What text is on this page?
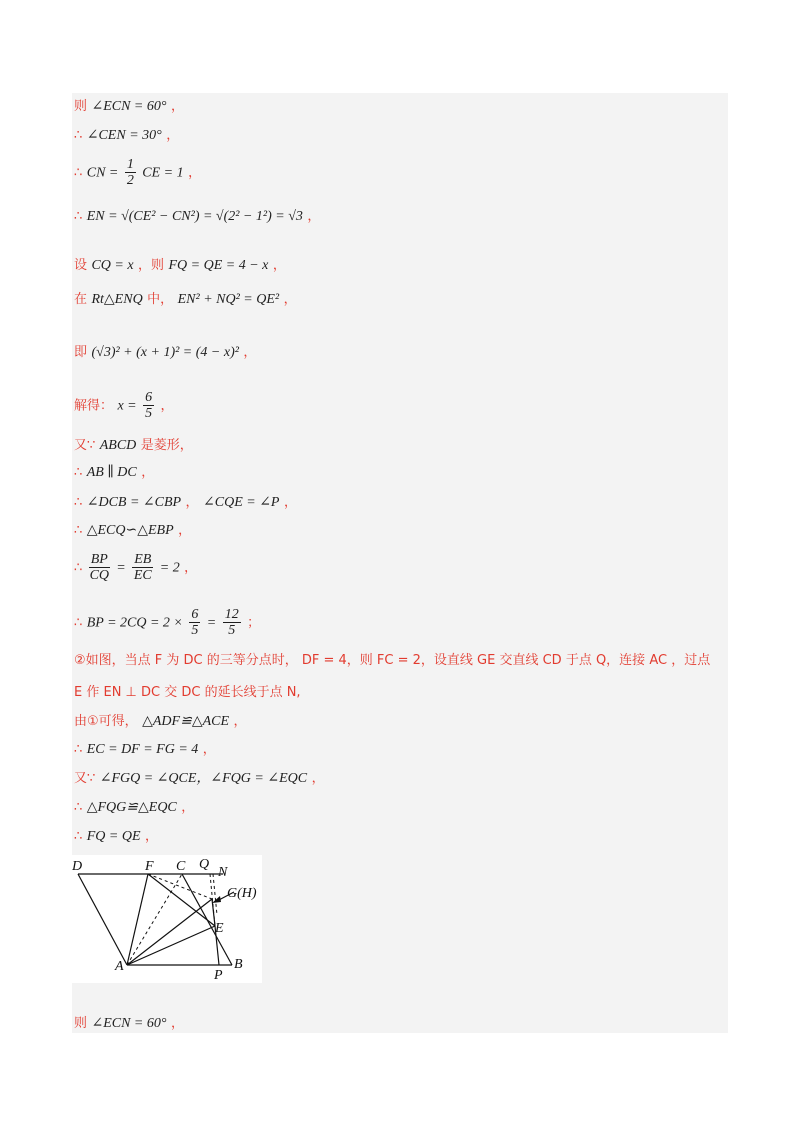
则 ∠ECN = 60° ，
∴ ∠CEN = 30° ，
∴ CN = $\frac{1}{2}$ CE = 1 ，
∴ EN = √(CE² − CN²) = √(2² − 1²) = √3 ，
设 CQ = x ，则 FQ = QE = 4 − x ，
在 Rt△ENQ 中， EN² + NQ² = QE² ，
即 (√3)² + (x + 1)² = (4 − x)² ，
解得： $x = \frac{6}{5}$ ，
又∵ ABCD 是菱形，
∴ AB ∥ DC ，
∴ ∠DCB = ∠CBP ， ∠CQE = ∠P ，
∴ △ECQ∽△EBP ，
∴ $\frac{BP}{CQ} = \frac{EB}{EC} = 2$ ，
∴ BP = $2CQ = 2 \times \frac{6}{5} = \frac{12}{5}$ ；
②如图，当点 F 为 DC 的三等分点时， DF = 4，则 FC = 2，设直线 GE 交直线 CD 于点 Q，连接 AC ，过点
E 作 EN ⊥ DC 交 DC 的延长线于点 N,
由①可得， △ADF≌△ACE ，
∴ EC = DF = FG = 4 ，
又∵ ∠FGQ = ∠QCE，∠FQG = ∠EQC ，
∴ △FQG≌△EQC ，
∴ FQ = QE ，
D	F C Q
N
G(H)
E
A
P
B
则 ∠ECN = 60° ，
